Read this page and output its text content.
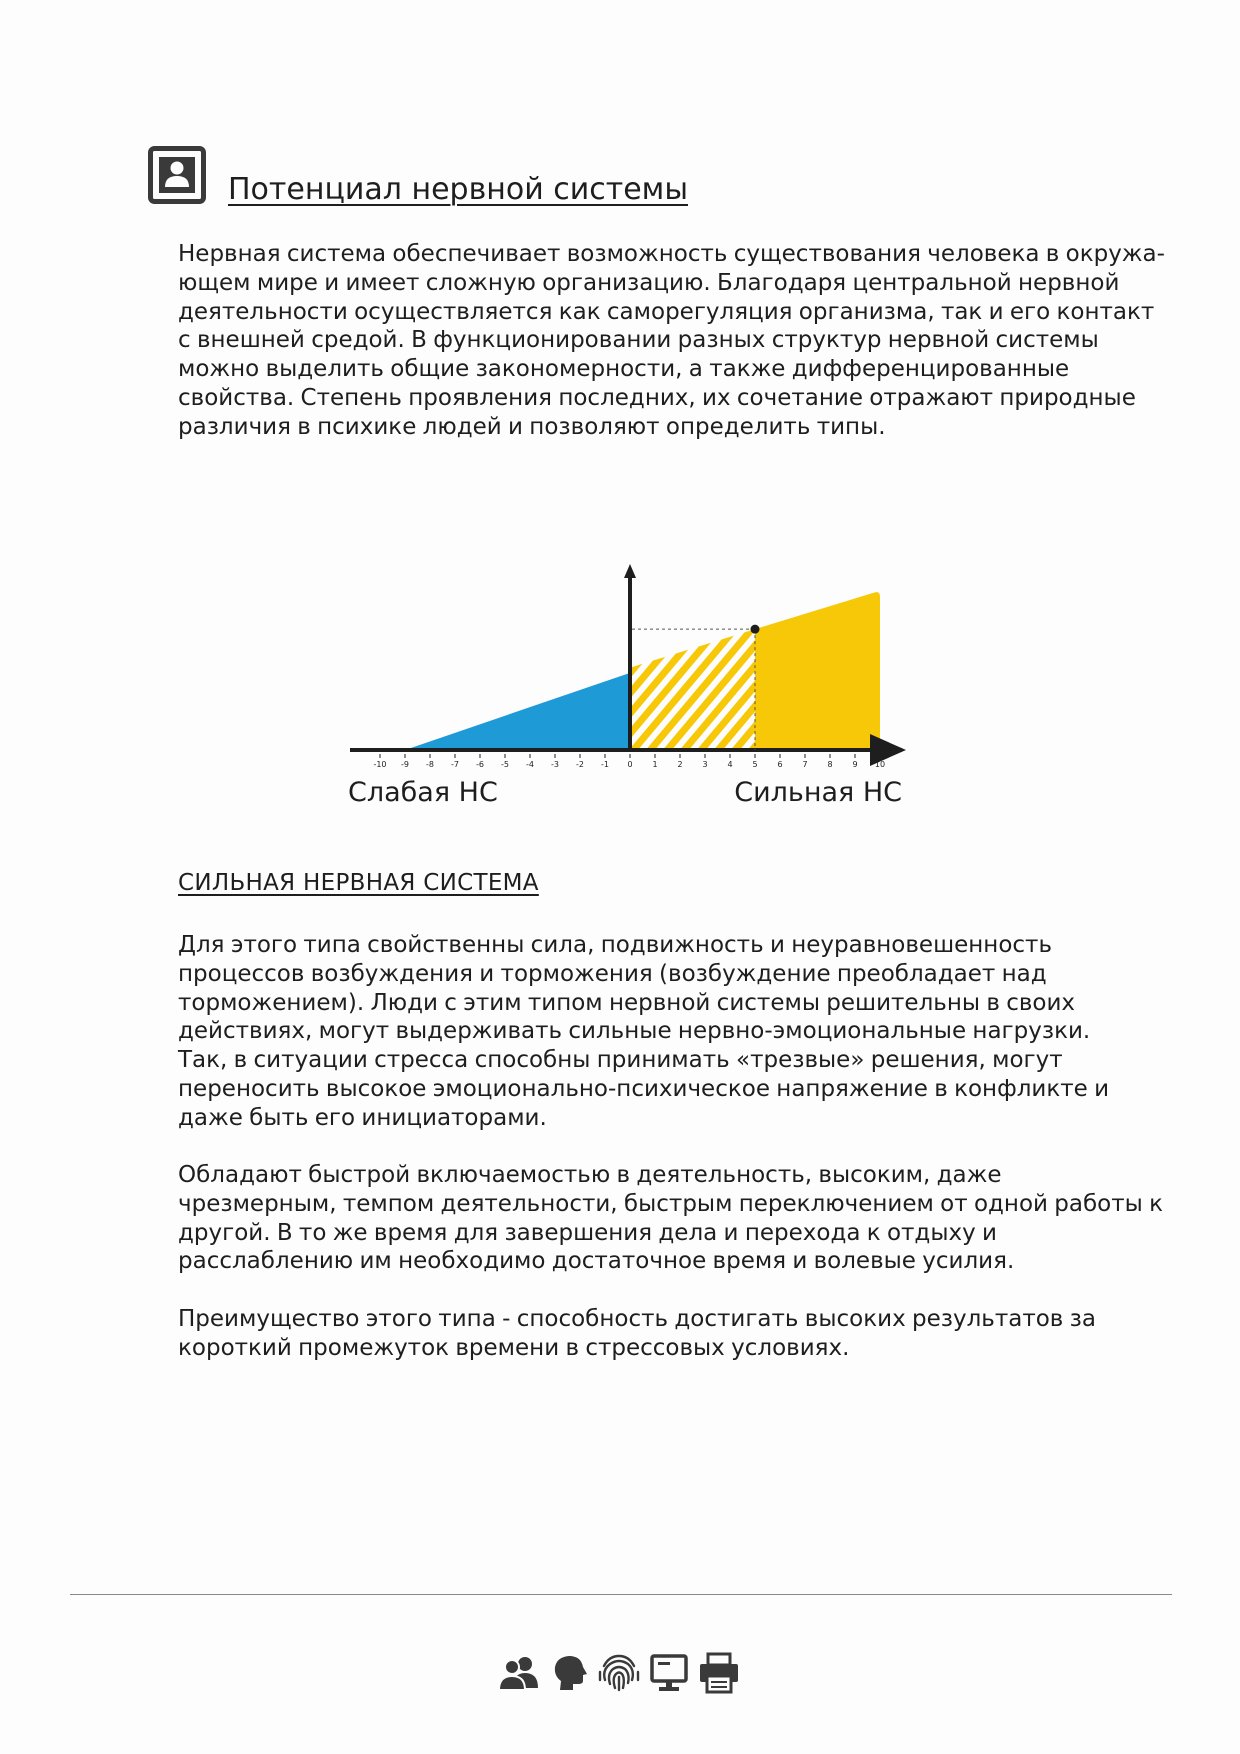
Потенциал нервной системы

Нервная система обеспечивает возможность существования человека в окружа-
ющем мире и имеет сложную организацию. Благодаря центральной нервной
деятельности осуществляется как саморегуляция организма, так и его контакт
с внешней средой. В функционировании разных структур нервной системы
можно выделить общие закономерности, а также дифференцированные
свойства. Степень проявления последних, их сочетание отражают природные
различия в психике людей и позволяют определить типы.

-10 -9 -8 -7 -6 -5 -4 -3 -2 -1 0 1 2 3 4 5 6 7 8 9 10
Слабая НС	Сильная НС
СИЛЬНАЯ НЕРВНАЯ СИСТЕМА

Для этого типа свойственны сила, подвижность и неуравновешенность
процессов возбуждения и торможения (возбуждение преобладает над
торможением). Люди с этим типом нервной системы решительны в своих
действиях, могут выдерживать сильные нервно-эмоциональные нагрузки.
Так, в ситуации стресса способны принимать «трезвые» решения, могут
переносить высокое эмоционально-психическое напряжение в конфликте и
даже быть его инициаторами.

Обладают быстрой включаемостью в деятельность, высоким, даже
чрезмерным, темпом деятельности, быстрым переключением от одной работы к
другой. В то же время для завершения дела и перехода к отдыху и
расслаблению им необходимо достаточное время и волевые усилия.

Преимущество этого типа - способность достигать высоких результатов за
короткий промежуток времени в стрессовых условиях.
